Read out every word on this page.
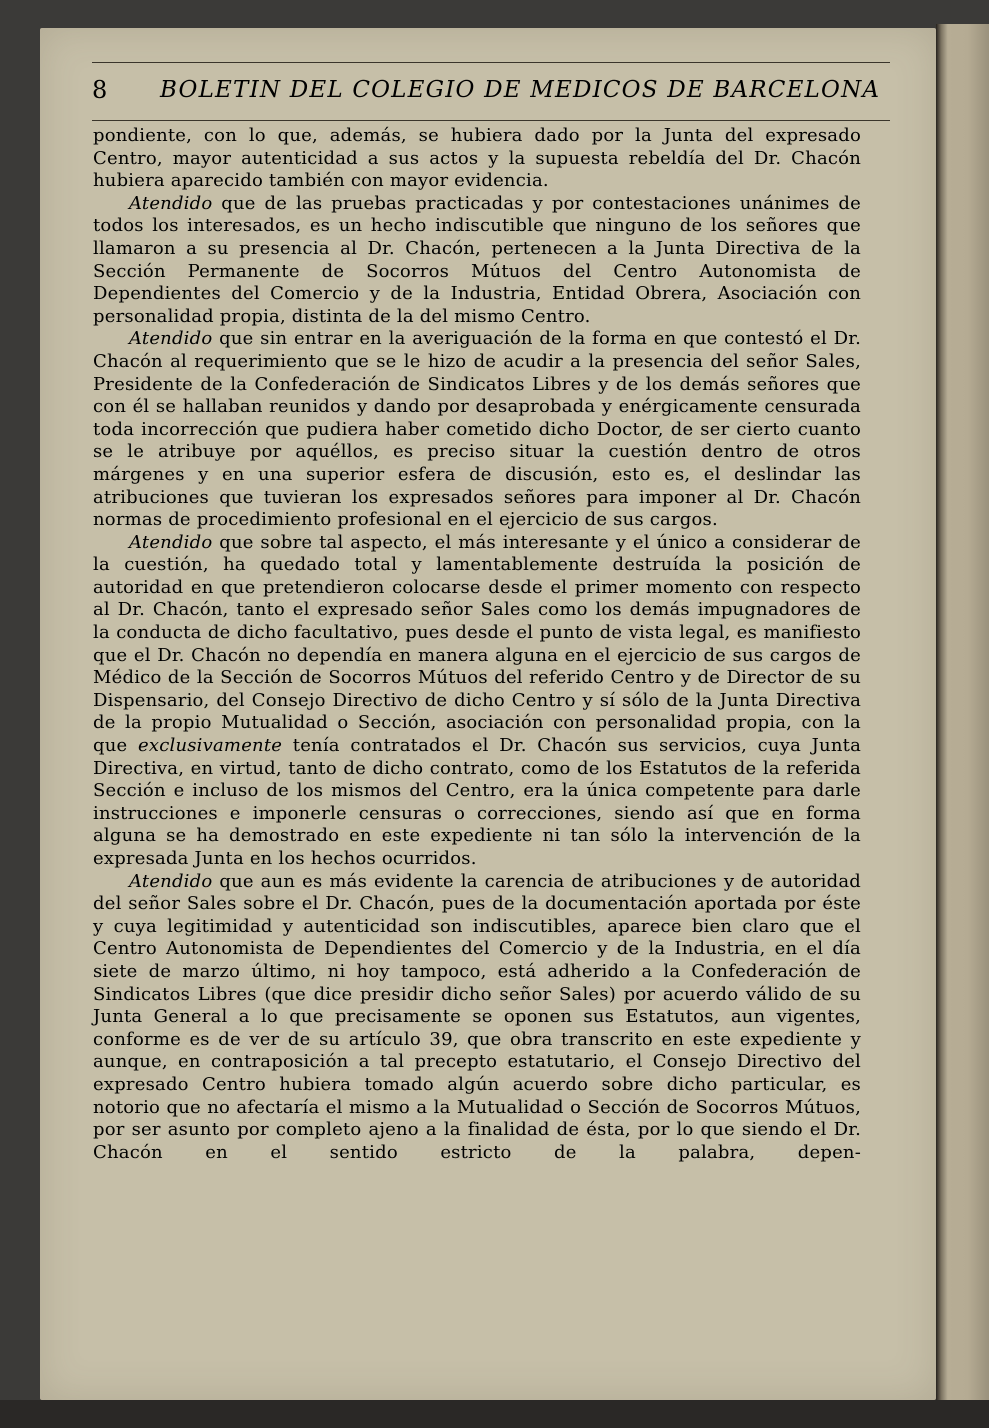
8 BOLETIN DEL COLEGIO DE MEDICOS DE BARCELONA

pondiente, con lo que, además, se hubiera dado por la Junta del expresado Centro, mayor autenticidad a sus actos y la supuesta rebeldía del Dr. Chacón hubiera aparecido también con mayor evidencia.

Atendido que de las pruebas practicadas y por contestaciones unánimes de todos los interesados, es un hecho indiscutible que ninguno de los señores que llamaron a su presencia al Dr. Chacón, pertenecen a la Junta Directiva de la Sección Permanente de Socorros Mútuos del Centro Autonomista de Dependientes del Comercio y de la Industria, Entidad Obrera, Asociación con personalidad propia, distinta de la del mismo Centro.

Atendido que sin entrar en la averiguación de la forma en que contestó el Dr. Chacón al requerimiento que se le hizo de acudir a la presencia del señor Sales, Presidente de la Confederación de Sindicatos Libres y de los demás señores que con él se hallaban reunidos y dando por desaprobada y enérgicamente censurada toda incorrección que pudiera haber cometido dicho Doctor, de ser cierto cuanto se le atribuye por aquéllos, es preciso situar la cuestión dentro de otros márgenes y en una superior esfera de discusión, esto es, el deslindar las atribuciones que tuvieran los expresados señores para imponer al Dr. Chacón normas de procedimiento profesional en el ejercicio de sus cargos.

Atendido que sobre tal aspecto, el más interesante y el único a considerar de la cuestión, ha quedado total y lamentablemente destruída la posición de autoridad en que pretendieron colocarse desde el primer momento con respecto al Dr. Chacón, tanto el expresado señor Sales como los demás impugnadores de la conducta de dicho facultativo, pues desde el punto de vista legal, es manifiesto que el Dr. Chacón no dependía en manera alguna en el ejercicio de sus cargos de Médico de la Sección de Socorros Mútuos del referido Centro y de Director de su Dispensario, del Consejo Directivo de dicho Centro y sí sólo de la Junta Directiva de la propio Mutualidad o Sección, asociación con personalidad propia, con la que exclusivamente tenía contratados el Dr. Chacón sus servicios, cuya Junta Directiva, en virtud, tanto de dicho contrato, como de los Estatutos de la referida Sección e incluso de los mismos del Centro, era la única competente para darle instrucciones e imponerle censuras o correcciones, siendo así que en forma alguna se ha demostrado en este expediente ni tan sólo la intervención de la expresada Junta en los hechos ocurridos.

Atendido que aun es más evidente la carencia de atribuciones y de autoridad del señor Sales sobre el Dr. Chacón, pues de la documentación aportada por éste y cuya legitimidad y autenticidad son indiscutibles, aparece bien claro que el Centro Autonomista de Dependientes del Comercio y de la Industria, en el día siete de marzo último, ni hoy tampoco, está adherido a la Confederación de Sindicatos Libres (que dice presidir dicho señor Sales) por acuerdo válido de su Junta General a lo que precisamente se oponen sus Estatutos, aun vigentes, conforme es de ver de su artículo 39, que obra transcrito en este expediente y aunque, en contraposición a tal precepto estatutario, el Consejo Directivo del expresado Centro hubiera tomado algún acuerdo sobre dicho particular, es notorio que no afectaría el mismo a la Mutualidad o Sección de Socorros Mútuos, por ser asunto por completo ajeno a la finalidad de ésta, por lo que siendo el Dr. Chacón en el sentido estricto de la palabra, depen-
